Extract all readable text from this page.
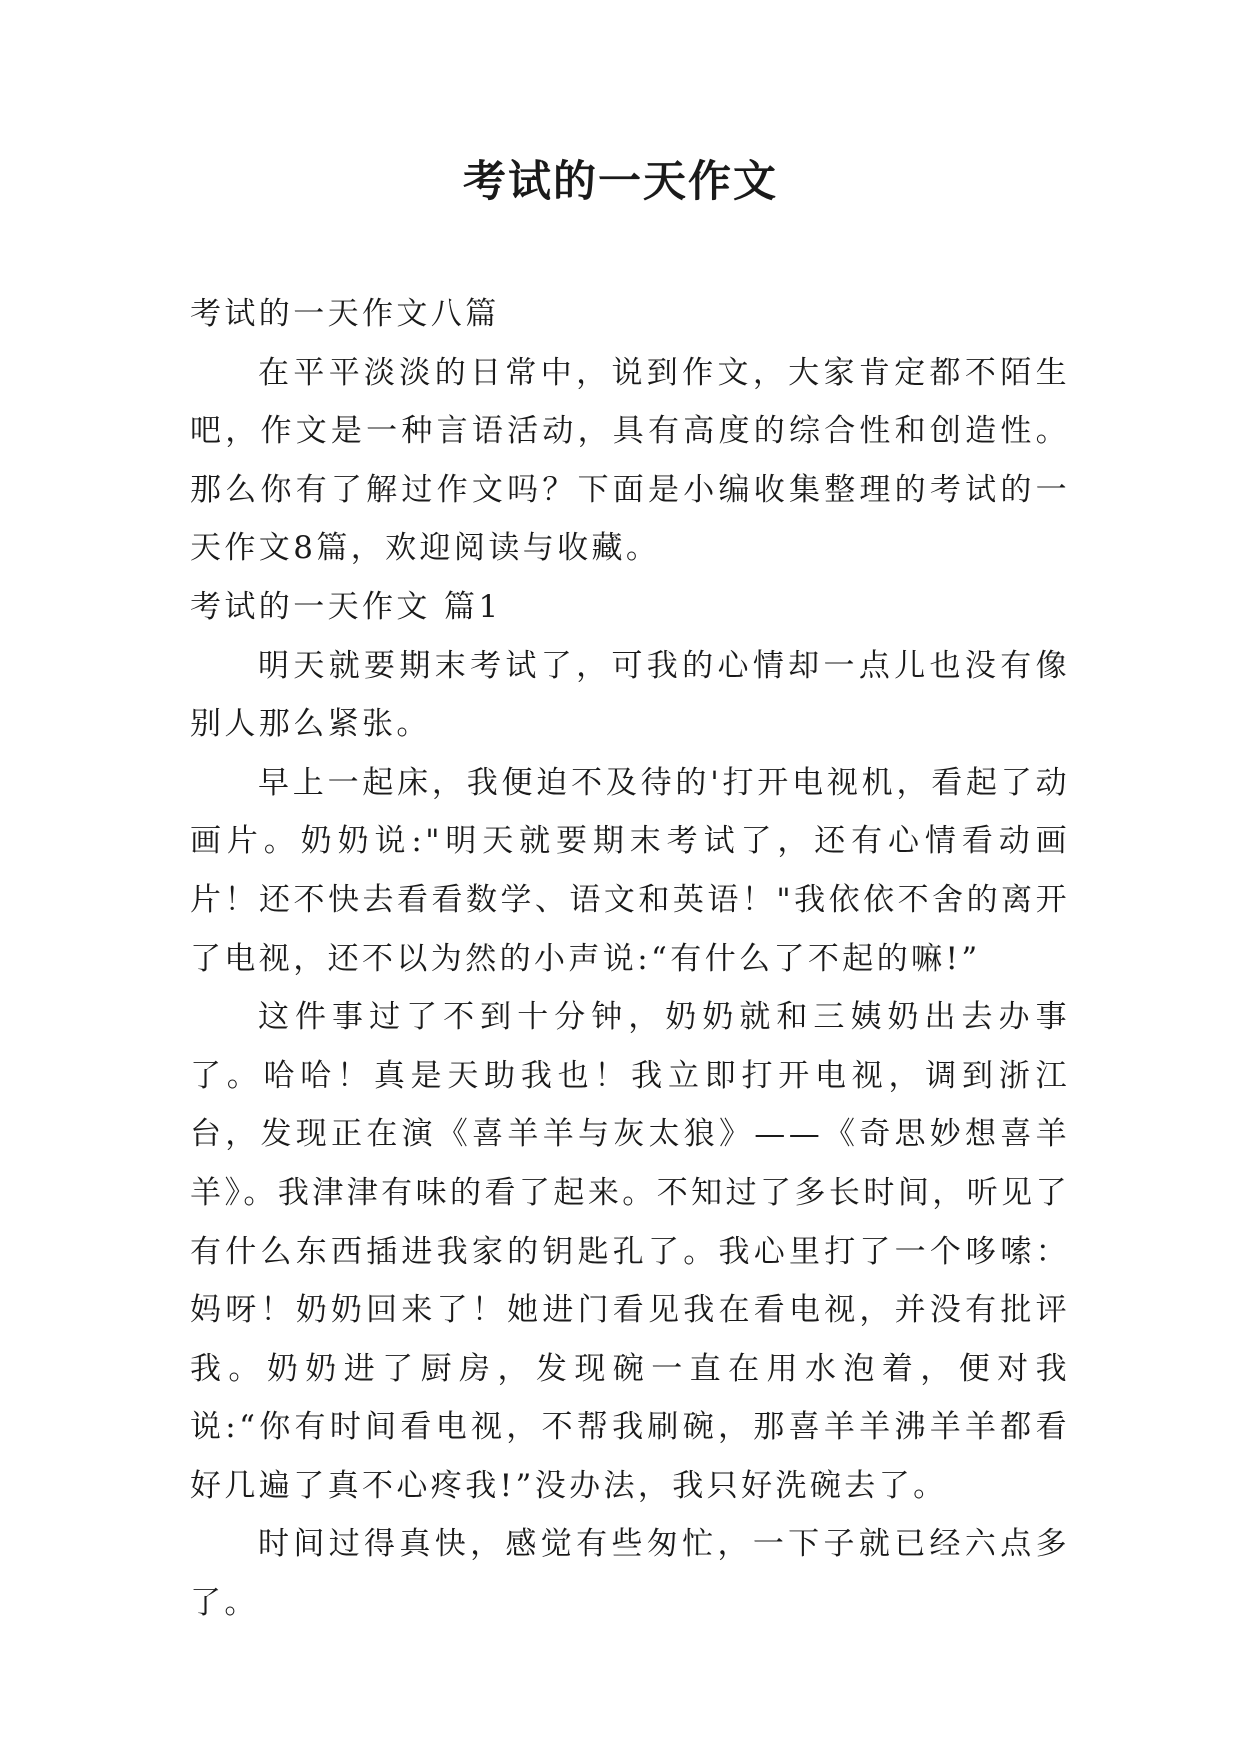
考试的一天作文

考试的一天作文八篇

在平平淡淡的日常中，说到作文，大家肯定都不陌生吧，作文是一种言语活动，具有高度的综合性和创造性。那么你有了解过作文吗？下面是小编收集整理的考试的一天作文8篇，欢迎阅读与收藏。

考试的一天作文 篇1

明天就要期末考试了，可我的心情却一点儿也没有像别人那么紧张。

早上一起床，我便迫不及待的'打开电视机，看起了动画片。奶奶说:"明天就要期末考试了，还有心情看动画片！还不快去看看数学、语文和英语！"我依依不舍的离开了电视，还不以为然的小声说:“有什么了不起的嘛!”

这件事过了不到十分钟，奶奶就和三姨奶出去办事了。哈哈！真是天助我也！我立即打开电视，调到浙江台，发现正在演《喜羊羊与灰太狼》——《奇思妙想喜羊羊》。我津津有味的看了起来。不知过了多长时间，听见了有什么东西插进我家的钥匙孔了。我心里打了一个哆嗦：妈呀！奶奶回来了！她进门看见我在看电视，并没有批评我。奶奶进了厨房，发现碗一直在用水泡着，便对我说:“你有时间看电视，不帮我刷碗，那喜羊羊沸羊羊都看好几遍了真不心疼我!”没办法，我只好洗碗去了。

时间过得真快，感觉有些匆忙，一下子就已经六点多了。
